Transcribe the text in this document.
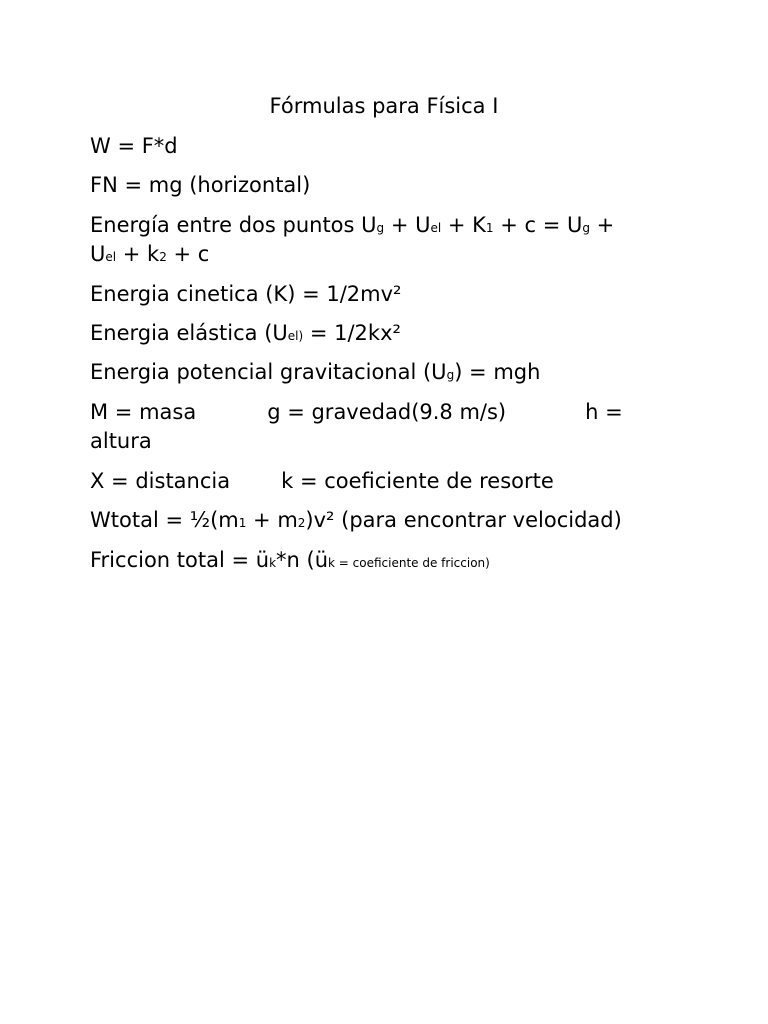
Fórmulas para Física I
W = F*d
FN = mg (horizontal)
Energía entre dos puntos Ug + Uel + K1 + c = Ug +
Uel + k2 + c
Energia cinetica (K) = 1/2mv²
Energia elástica (Uel) = 1/2kx²
Energia potencial gravitacional (Ug) = mgh
M = masa	g = gravedad(9.8 m/s)	h =
altura
X = distancia k = coeficiente de resorte
Wtotal = ½(m1 + m2)v² (para encontrar velocidad)
Friccion total = ük*n (ük = coeficiente de friccion)
